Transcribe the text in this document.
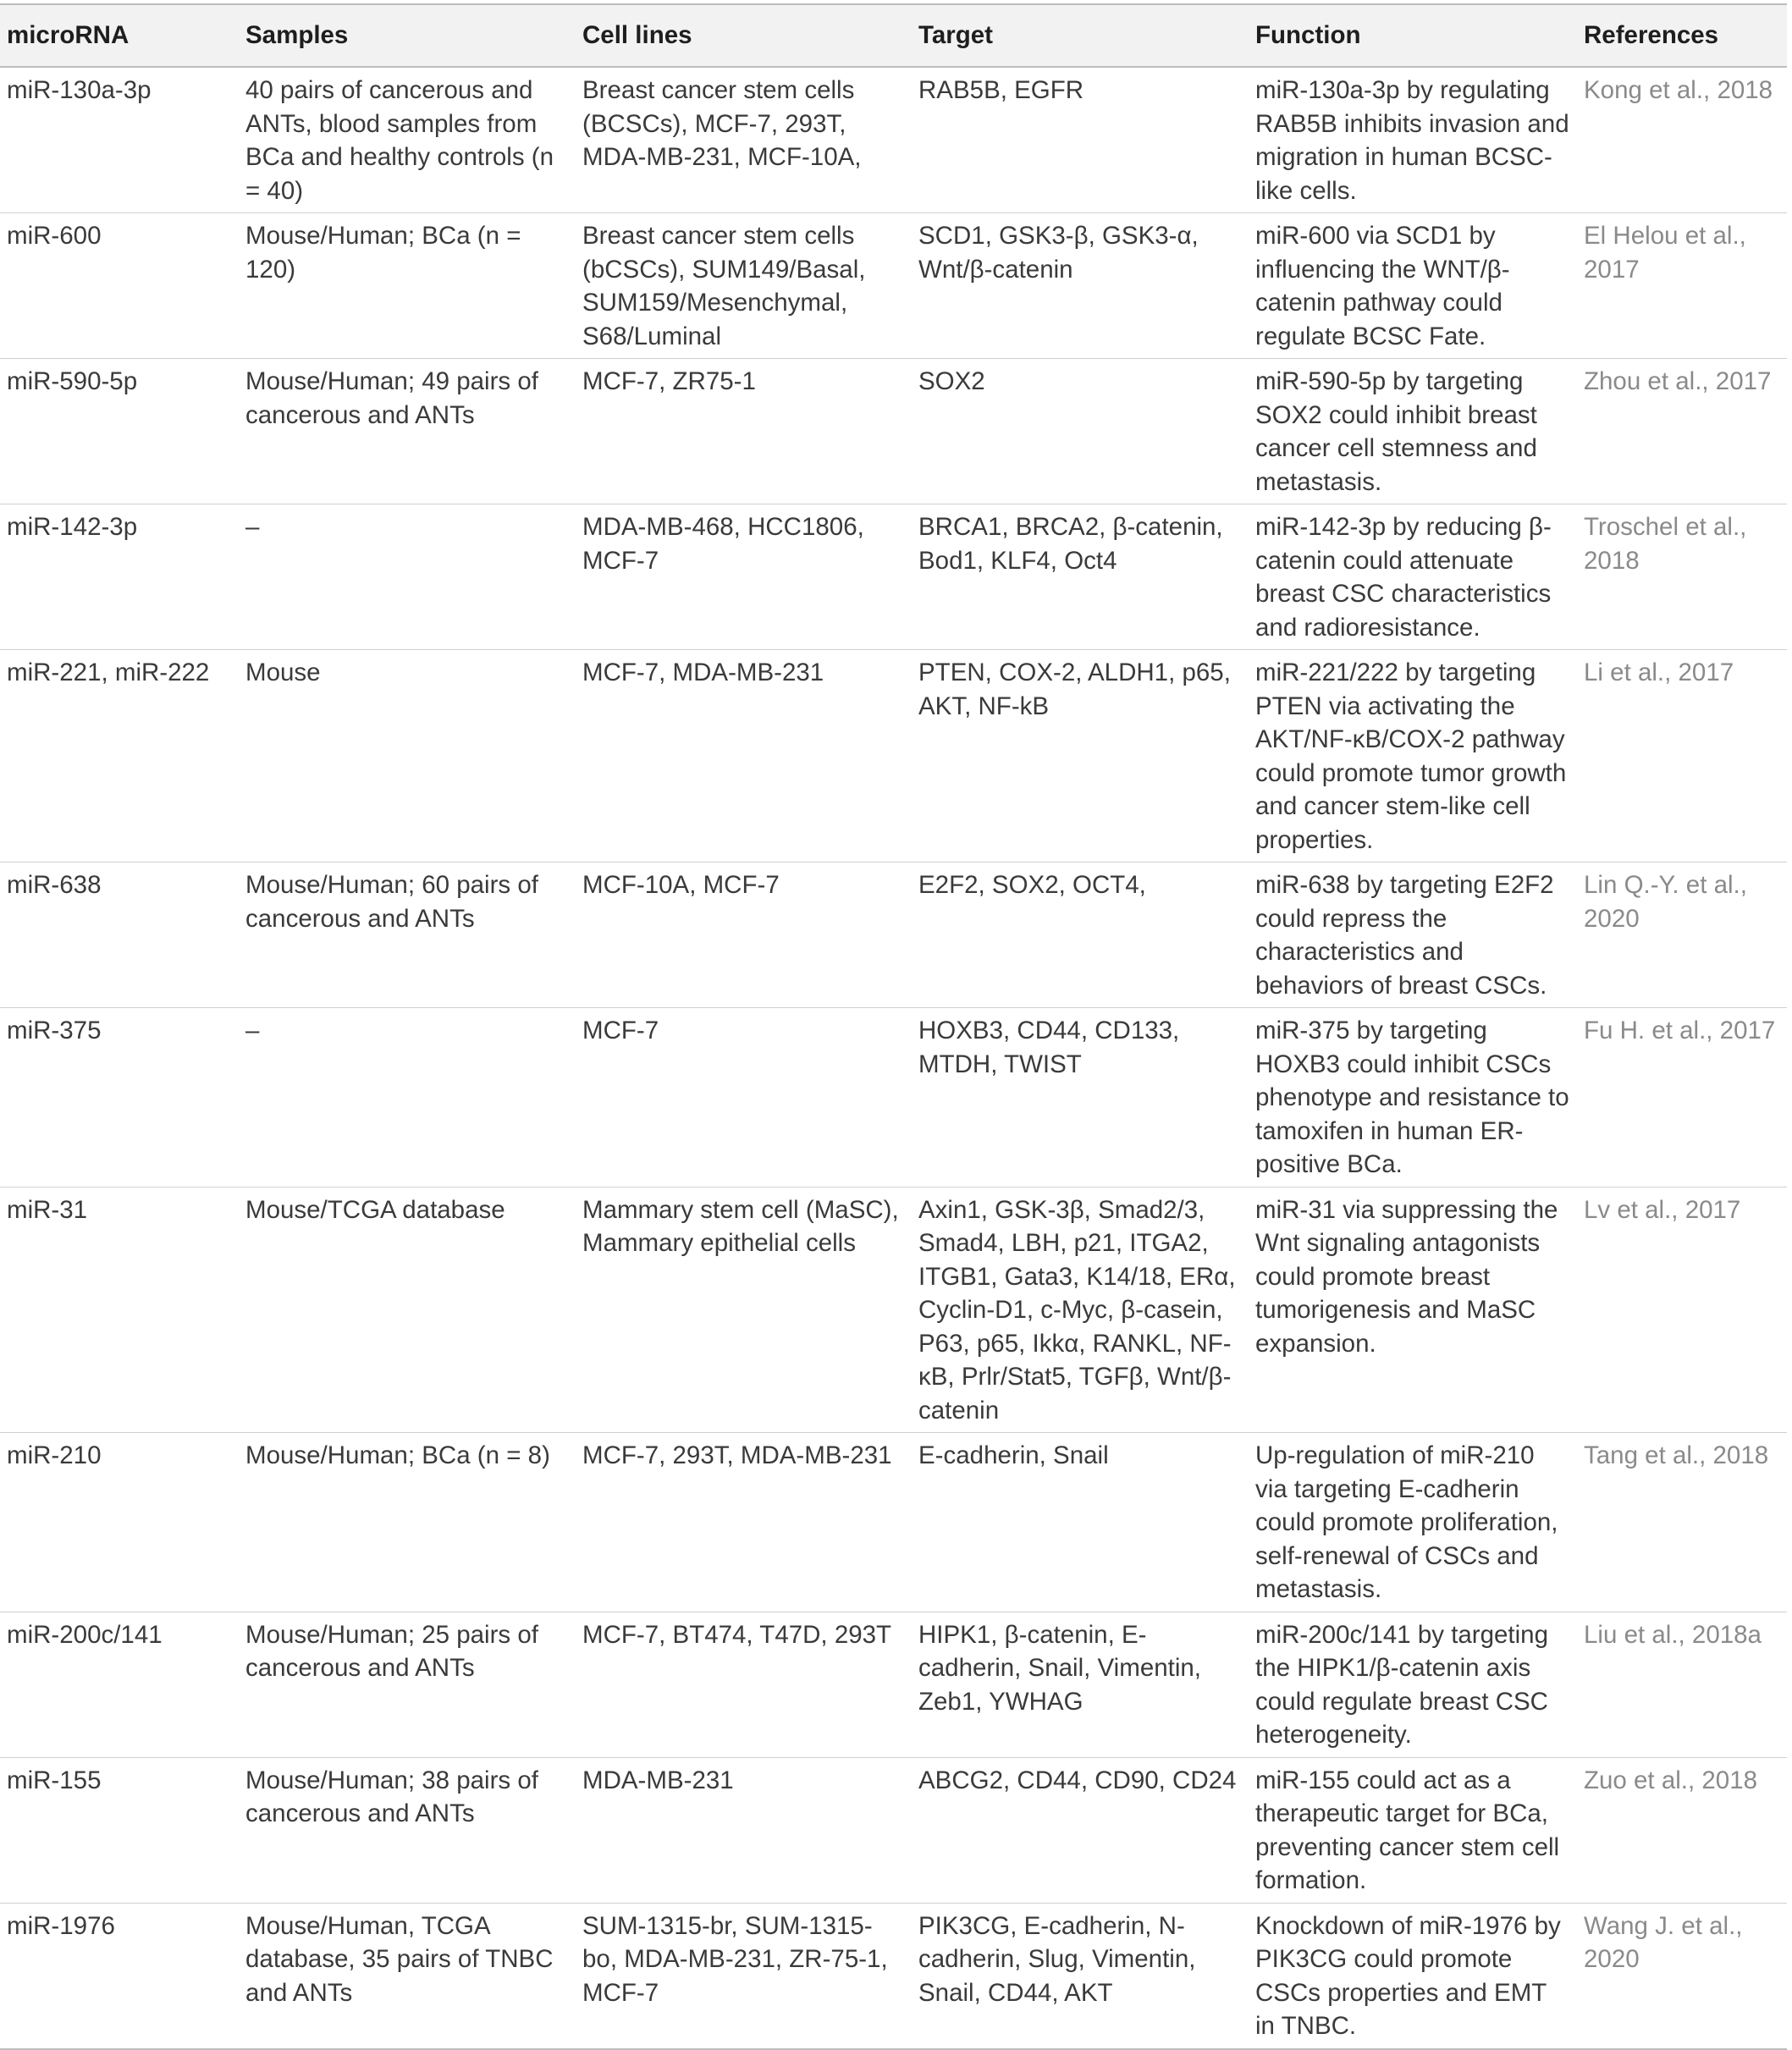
microRNA	Samples	Cell lines	Target	Function	References
miR-130a-3p	40 pairs of cancerous and ANTs, blood samples from BCa and healthy controls (n = 40)	Breast cancer stem cells (BCSCs), MCF-7, 293T, MDA-MB-231, MCF-10A,	RAB5B, EGFR	miR-130a-3p by regulating RAB5B inhibits invasion and migration in human BCSC-like cells.	Kong et al., 2018
miR-600	Mouse/Human; BCa (n = 120)	Breast cancer stem cells (bCSCs), SUM149/Basal, SUM159/Mesenchymal, S68/Luminal	SCD1, GSK3-β, GSK3-α, Wnt/β-catenin	miR-600 via SCD1 by influencing the WNT/β-catenin pathway could regulate BCSC Fate.	El Helou et al., 2017
miR-590-5p	Mouse/Human; 49 pairs of cancerous and ANTs	MCF-7, ZR75-1	SOX2	miR-590-5p by targeting SOX2 could inhibit breast cancer cell stemness and metastasis.	Zhou et al., 2017
miR-142-3p	–	MDA-MB-468, HCC1806, MCF-7	BRCA1, BRCA2, β-catenin, Bod1, KLF4, Oct4	miR-142-3p by reducing β-catenin could attenuate breast CSC characteristics and radioresistance.	Troschel et al., 2018
miR-221, miR-222	Mouse	MCF-7, MDA-MB-231	PTEN, COX-2, ALDH1, p65, AKT, NF-kB	miR-221/222 by targeting PTEN via activating the AKT/NF-κB/COX-2 pathway could promote tumor growth and cancer stem-like cell properties.	Li et al., 2017
miR-638	Mouse/Human; 60 pairs of cancerous and ANTs	MCF-10A, MCF-7	E2F2, SOX2, OCT4,	miR-638 by targeting E2F2 could repress the characteristics and behaviors of breast CSCs.	Lin Q.-Y. et al., 2020
miR-375	–	MCF-7	HOXB3, CD44, CD133, MTDH, TWIST	miR-375 by targeting HOXB3 could inhibit CSCs phenotype and resistance to tamoxifen in human ER-positive BCa.	Fu H. et al., 2017
miR-31	Mouse/TCGA database	Mammary stem cell (MaSC), Mammary epithelial cells	Axin1, GSK-3β, Smad2/3, Smad4, LBH, p21, ITGA2, ITGB1, Gata3, K14/18, ERα, Cyclin-D1, c-Myc, β-casein, P63, p65, Ikkα, RANKL, NF-κB, Prlr/Stat5, TGFβ, Wnt/β-catenin	miR-31 via suppressing the Wnt signaling antagonists could promote breast tumorigenesis and MaSC expansion.	Lv et al., 2017
miR-210	Mouse/Human; BCa (n = 8)	MCF-7, 293T, MDA-MB-231	E-cadherin, Snail	Up-regulation of miR-210 via targeting E-cadherin could promote proliferation, self-renewal of CSCs and metastasis.	Tang et al., 2018
miR-200c/141	Mouse/Human; 25 pairs of cancerous and ANTs	MCF-7, BT474, T47D, 293T	HIPK1, β-catenin, E-cadherin, Snail, Vimentin, Zeb1, YWHAG	miR-200c/141 by targeting the HIPK1/β-catenin axis could regulate breast CSC heterogeneity.	Liu et al., 2018a
miR-155	Mouse/Human; 38 pairs of cancerous and ANTs	MDA-MB-231	ABCG2, CD44, CD90, CD24	miR-155 could act as a therapeutic target for BCa, preventing cancer stem cell formation.	Zuo et al., 2018
miR-1976	Mouse/Human, TCGA database, 35 pairs of TNBC and ANTs	SUM-1315-br, SUM-1315-bo, MDA-MB-231, ZR-75-1, MCF-7	PIK3CG, E-cadherin, N-cadherin, Slug, Vimentin, Snail, CD44, AKT	Knockdown of miR-1976 by PIK3CG could promote CSCs properties and EMT in TNBC.	Wang J. et al., 2020
